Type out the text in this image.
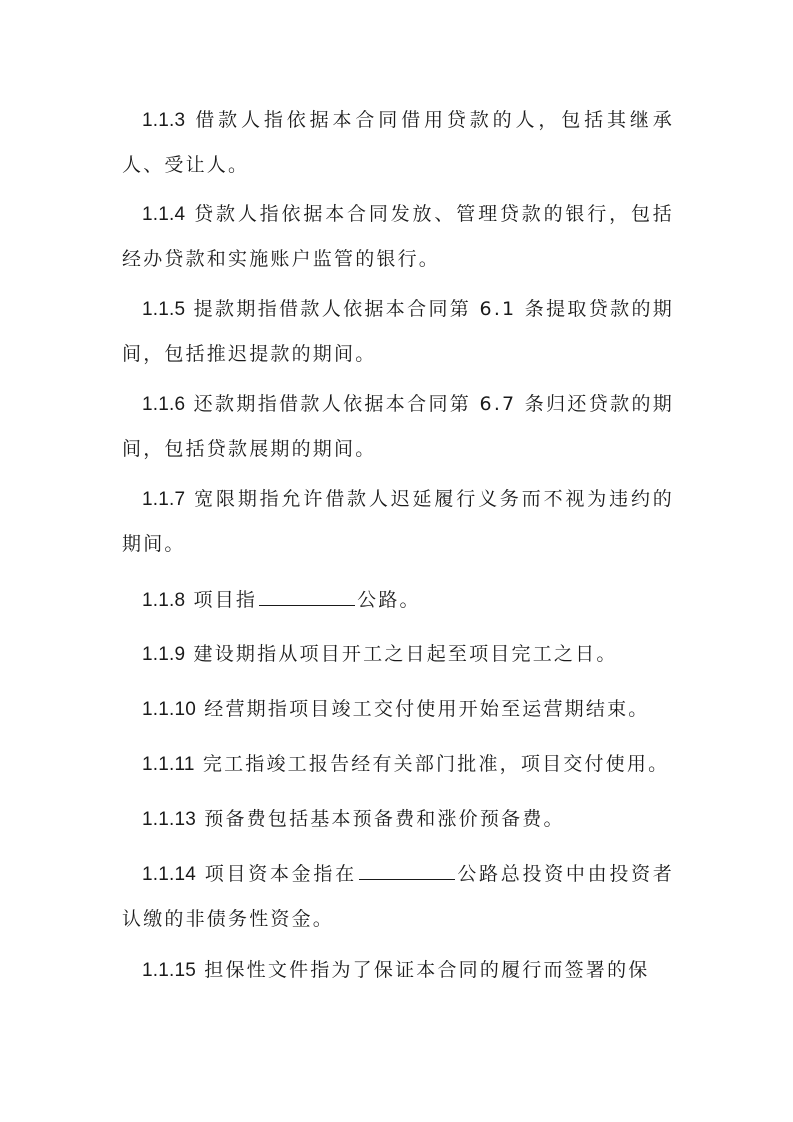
1.1.3 借款人指依据本合同借用贷款的人，包括其继承人、受让人。

1.1.4 贷款人指依据本合同发放、管理贷款的银行，包括经办贷款和实施账户监管的银行。

1.1.5 提款期指借款人依据本合同第 6.1 条提取贷款的期间，包括推迟提款的期间。

1.1.6 还款期指借款人依据本合同第 6.7 条归还贷款的期间，包括贷款展期的期间。

1.1.7 宽限期指允许借款人迟延履行义务而不视为违约的期间。

1.1.8 项目指	公路。

1.1.9 建设期指从项目开工之日起至项目完工之日。

1.1.10 经营期指项目竣工交付使用开始至运营期结束。

1.1.11 完工指竣工报告经有关部门批准，项目交付使用。

1.1.13 预备费包括基本预备费和涨价预备费。

1.1.14 项目资本金指在	公路总投资中由投资者认缴的非债务性资金。

1.1.15 担保性文件指为了保证本合同的履行而签署的保
